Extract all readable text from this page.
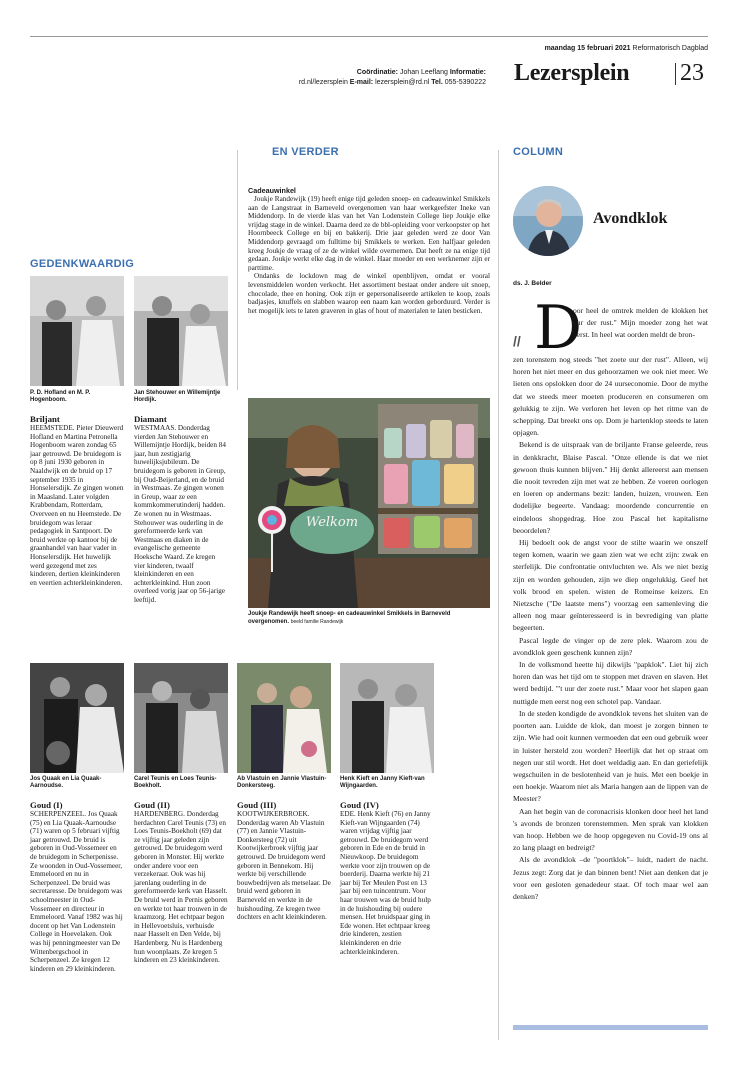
maandag 15 februari 2021 Reformatorisch Dagblad
Coördinatie: Johan Leeflang Informatie:
rd.nl/lezersplein E-mail: lezersplein@rd.nl Tel. 055-5390222 Lezersplein 23
GEDENKWAARDIG
P. D. Hofland en M. P. Hogenboom.
Briljant
HEEMSTEDE. Pieter Dieuwerd Hofland en Martina Petronella Hogenboom waren zondag 65 jaar getrouwd. De bruidegom is op 8 juni 1930 geboren in Naaldwijk en de bruid op 17 september 1935 in Honselersdijk. Ze gingen wonen in Maasland. Later volgden Krabbendam, Rotterdam, Overveen en nu Heemstede. De bruidegom was leraar pedagogiek in Santpoort. De bruid werkte op kantoor bij de graanhandel van haar vader in Honselersdijk. Het huwelijk werd gezegend met zes kinderen, dertien kleinkinderen en veertien achterkleinkinderen.
Jan Stehouwer en Willemijntje Hordijk.
Diamant
WESTMAAS. Donderdag vierden Jan Stehouwer en Willemijntje Hordijk, beiden 84 jaar, hun zestigjarig huwelijksjubileum. De bruidegom is geboren in Greup, bij Oud-Beijerland, en de bruid in Westmaas. Ze gingen wonen in Greup, waar ze een kommkommerutinderij hadden. Ze wonen nu in Westmaas. Stehouwer was ouderling in de gereformeerde kerk van Westmaas en diaken in de evangelische gemeente Hoeksche Waard. Ze kregen vier kinderen, twaalf kleinkinderen en een achterkleinkind. Hun zoon overleed vorig jaar op 56-jarige leeftijd.
Jos Quaak en Lia Quaak-Aarnoudse.
Goud (I)
SCHERPENZEEL. Jos Quaak (75) en Lia Quaak-Aarnoudse (71) waren op 5 februari vijftig jaar getrouwd. De bruid is geboren in Oud-Vossemeer en de bruidegom in Scherpenisse. Ze woonden in Oud-Vossemeer, Emmeloord en nu in Scherpenzeel. De bruid was secretaresse. De bruidegom was schoolmeester in Oud-Vossemeer en directeur in Emmeloord. Vanaf 1982 was hij docent op het Van Lodenstein College in Hoevelaken. Ook was hij penningmeester van De Wittenbergschool in Scherpenzeel. Ze kregen 12 kinderen en 29 kleinkinderen.
Carel Teunis en Loes Teunis-Boekholt.
Goud (II)
HARDENBERG. Donderdag herdachten Carel Teunis (73) en Loes Teunis-Boekholt (69) dat ze vijftig jaar geleden zijn getrouwd. De bruidegom werd geboren in Monster. Hij werkte onder andere voor een verzekeraar. Ook was hij jarenlang ouderling in de gereformeerde kerk van Hasselt. De bruid werd in Pernis geboren en werkte tot haar trouwen in de kraamzorg. Het echtpaar begon in Hellevoetsluis, verhuisde naar Hasselt en Den Velde, bij Hardenberg. Nu is Hardenberg hun woonplaats. Ze kregen 5 kinderen en 23 kleinkinderen.
Ab Vlastuin en Jannie Vlastuin-Donkersteeg.
Goud (III)
KOOTWIJKERBROEK. Donderdag waren Ab Vlastuin (77) en Jannie Vlastuin-Donkersteeg (72) uit Kootwijkerbroek vijftig jaar getrouwd. De bruidegom werd geboren in Bennekom. Hij werkte bij verschillende bouwbedrijven als metselaar. De bruid werd geboren in Barneveld en werkte in de huishouding. Ze kregen twee dochters en acht kleinkinderen.
Henk Kieft en Janny Kieft-van Wijngaarden.
Goud (IV)
EDE. Henk Kieft (76) en Janny Kieft-van Wijngaarden (74) waren vrijdag vijftig jaar getrouwd. De bruidegom werd geboren in Ede en de bruid in Nieuwkoop. De bruidegom werkte voor zijn trouwen op de boerderij. Daarna werkte hij 21 jaar bij Ter Meulen Post en 13 jaar bij een tuincentrum. Voor haar trouwen was de bruid hulp in de huishouding bij oudere mensen. Het bruidspaar ging in Ede wonen. Het echtpaar kreeg drie kinderen, zestien kleinkinderen en drie achterkleinkinderen.
EN VERDER
Cadeauwinkel
Joukje Randewijk (19) heeft enige tijd geleden snoep- en cadeauwinkel Smikkels aan de Langstraat in Barneveld overgenomen van haar werkgeefster Ineke van Middendorp. In de vierde klas van het Van Lodenstein College liep Joukje elke vrijdag stage in de winkel. Daarna deed ze de bbl-opleiding voor verkoopster op het Hoornbeeck College en bij en bakkerij. Drie jaar geleden werd ze door Van Middendorp gevraagd om fulltime bij Smikkels te werken. Een halfjaar geleden kreeg Joukje de vraag of ze de winkel wilde overnemen. Dat heeft ze na enige tijd gedaan. Joukje werkt elke dag in de winkel. Haar moeder en een werknemer zijn er parttime.
Ondanks de lockdown mag de winkel openblijven, omdat er vooral levensmiddelen worden verkocht. Het assortiment bestaat onder andere uit snoep, chocolade, thee en honing. Ook zijn er gepersonaliseerde artikelen te koop, zoals badjasjes, knuffels en slabben waarop een naam kan worden geborduurd. Verder is het mogelijk iets te laten graveren in glas of hout of materialen te laten besticken.
Welkom
Joukje Randewijk heeft snoep- en cadeauwinkel Smikkels in Barneveld overgenomen. beeld familie Randewijk
COLUMN
Avondklok
ds. J. Belder
// D
oor heel de omtrek melden de klokken het uur der rust." Mijn moeder zong het wat kerst. In heel wat oorden meldt de bron-

zen torenstem nog steeds "het zoete uur der rust". Alleen, wij horen het niet meer en dus gehoorzamen we ook niet meer. We lieten ons opslokken door de 24 uurseconomie. Door de mythe dat we steeds meer moeten produceren en consumeren om gelukkig te zijn. We verloren het leven op het ritme van de schepping. Dat breekt ons op. Dom je hartenklop steeds te laten opjagen.

Bekend is de uitspraak van de briljante Franse geleerde, reus in denkkracht, Blaise Pascal. "Onze ellende is dat we niet gewoon thuis kunnen blijven." Hij denkt allereerst aan mensen die nooit tevreden zijn met wat ze hebben. Ze voeren oorlogen en loeren op andermans bezit: landen, huizen, vrouwen. Een dodelijke begeerte. Vandaag: moordende concurrentie en eindeloos shopgedrag. Hoe zou Pascal het kapitalisme beoordelen?

Hij bedoelt ook de angst voor de stilte waarin we onszelf tegen komen, waarin we gaan zien wat we echt zijn: zwak en sterfelijk. Die confrontatie ontvluchten we. Als we niet bezig zijn en worden gehouden, zijn we diep ongelukkig. Geef het volk brood en spelen. wisten de Romeinse keizers. En Nietzsche ("De laatste mens") voorzag een samenleving die alleen nog maar geïnteresseerd is in bevrediging van platte begeerten.

Pascal legde de vinger op de zere plek. Waarom zou de avondklok geen geschenk kunnen zijn?

In de volksmond heette hij dikwijls "papklok". Liet hij zich horen dan was het tijd om te stoppen met draven en slaven. Het werd bedtijd. "'t uur der zoete rust." Maar voor het slapen gaan nuttigde men eerst nog een schotel pap. Vandaar.

In de steden kondigde de avondklok tevens het sluiten van de poorten aan. Luidde de klok, dan moest je zorgen binnen te zijn. Wie had ooit kunnen vermoeden dat een oud gebruik weer in luister hersteld zou worden? Heerlijk dat het op straat om negen uur stil wordt. Het doet weldadig aan. En dan geriefelijk wegschuilen in de beslotenheid van je huis. Met een boekje in een hoekje. Waarom niet als Maria hangen aan de lippen van de Meester?

Aan het begin van de coronacrisis klonken door heel het land 's avonds de bronzen torenstemmen. Men sprak van klokken van hoop. Hebben we de hoop opgegeven nu Covid-19 ons al zo lang plaagt en bedreigt?

Als de avondklok –de "poortklok"– luidt, nadert de nacht. Jezus zegt: Zorg dat je dan binnen bent! Niet aan denken dat je voor een gesloten genadedeur staat. Of toch maar wel aan denken?
